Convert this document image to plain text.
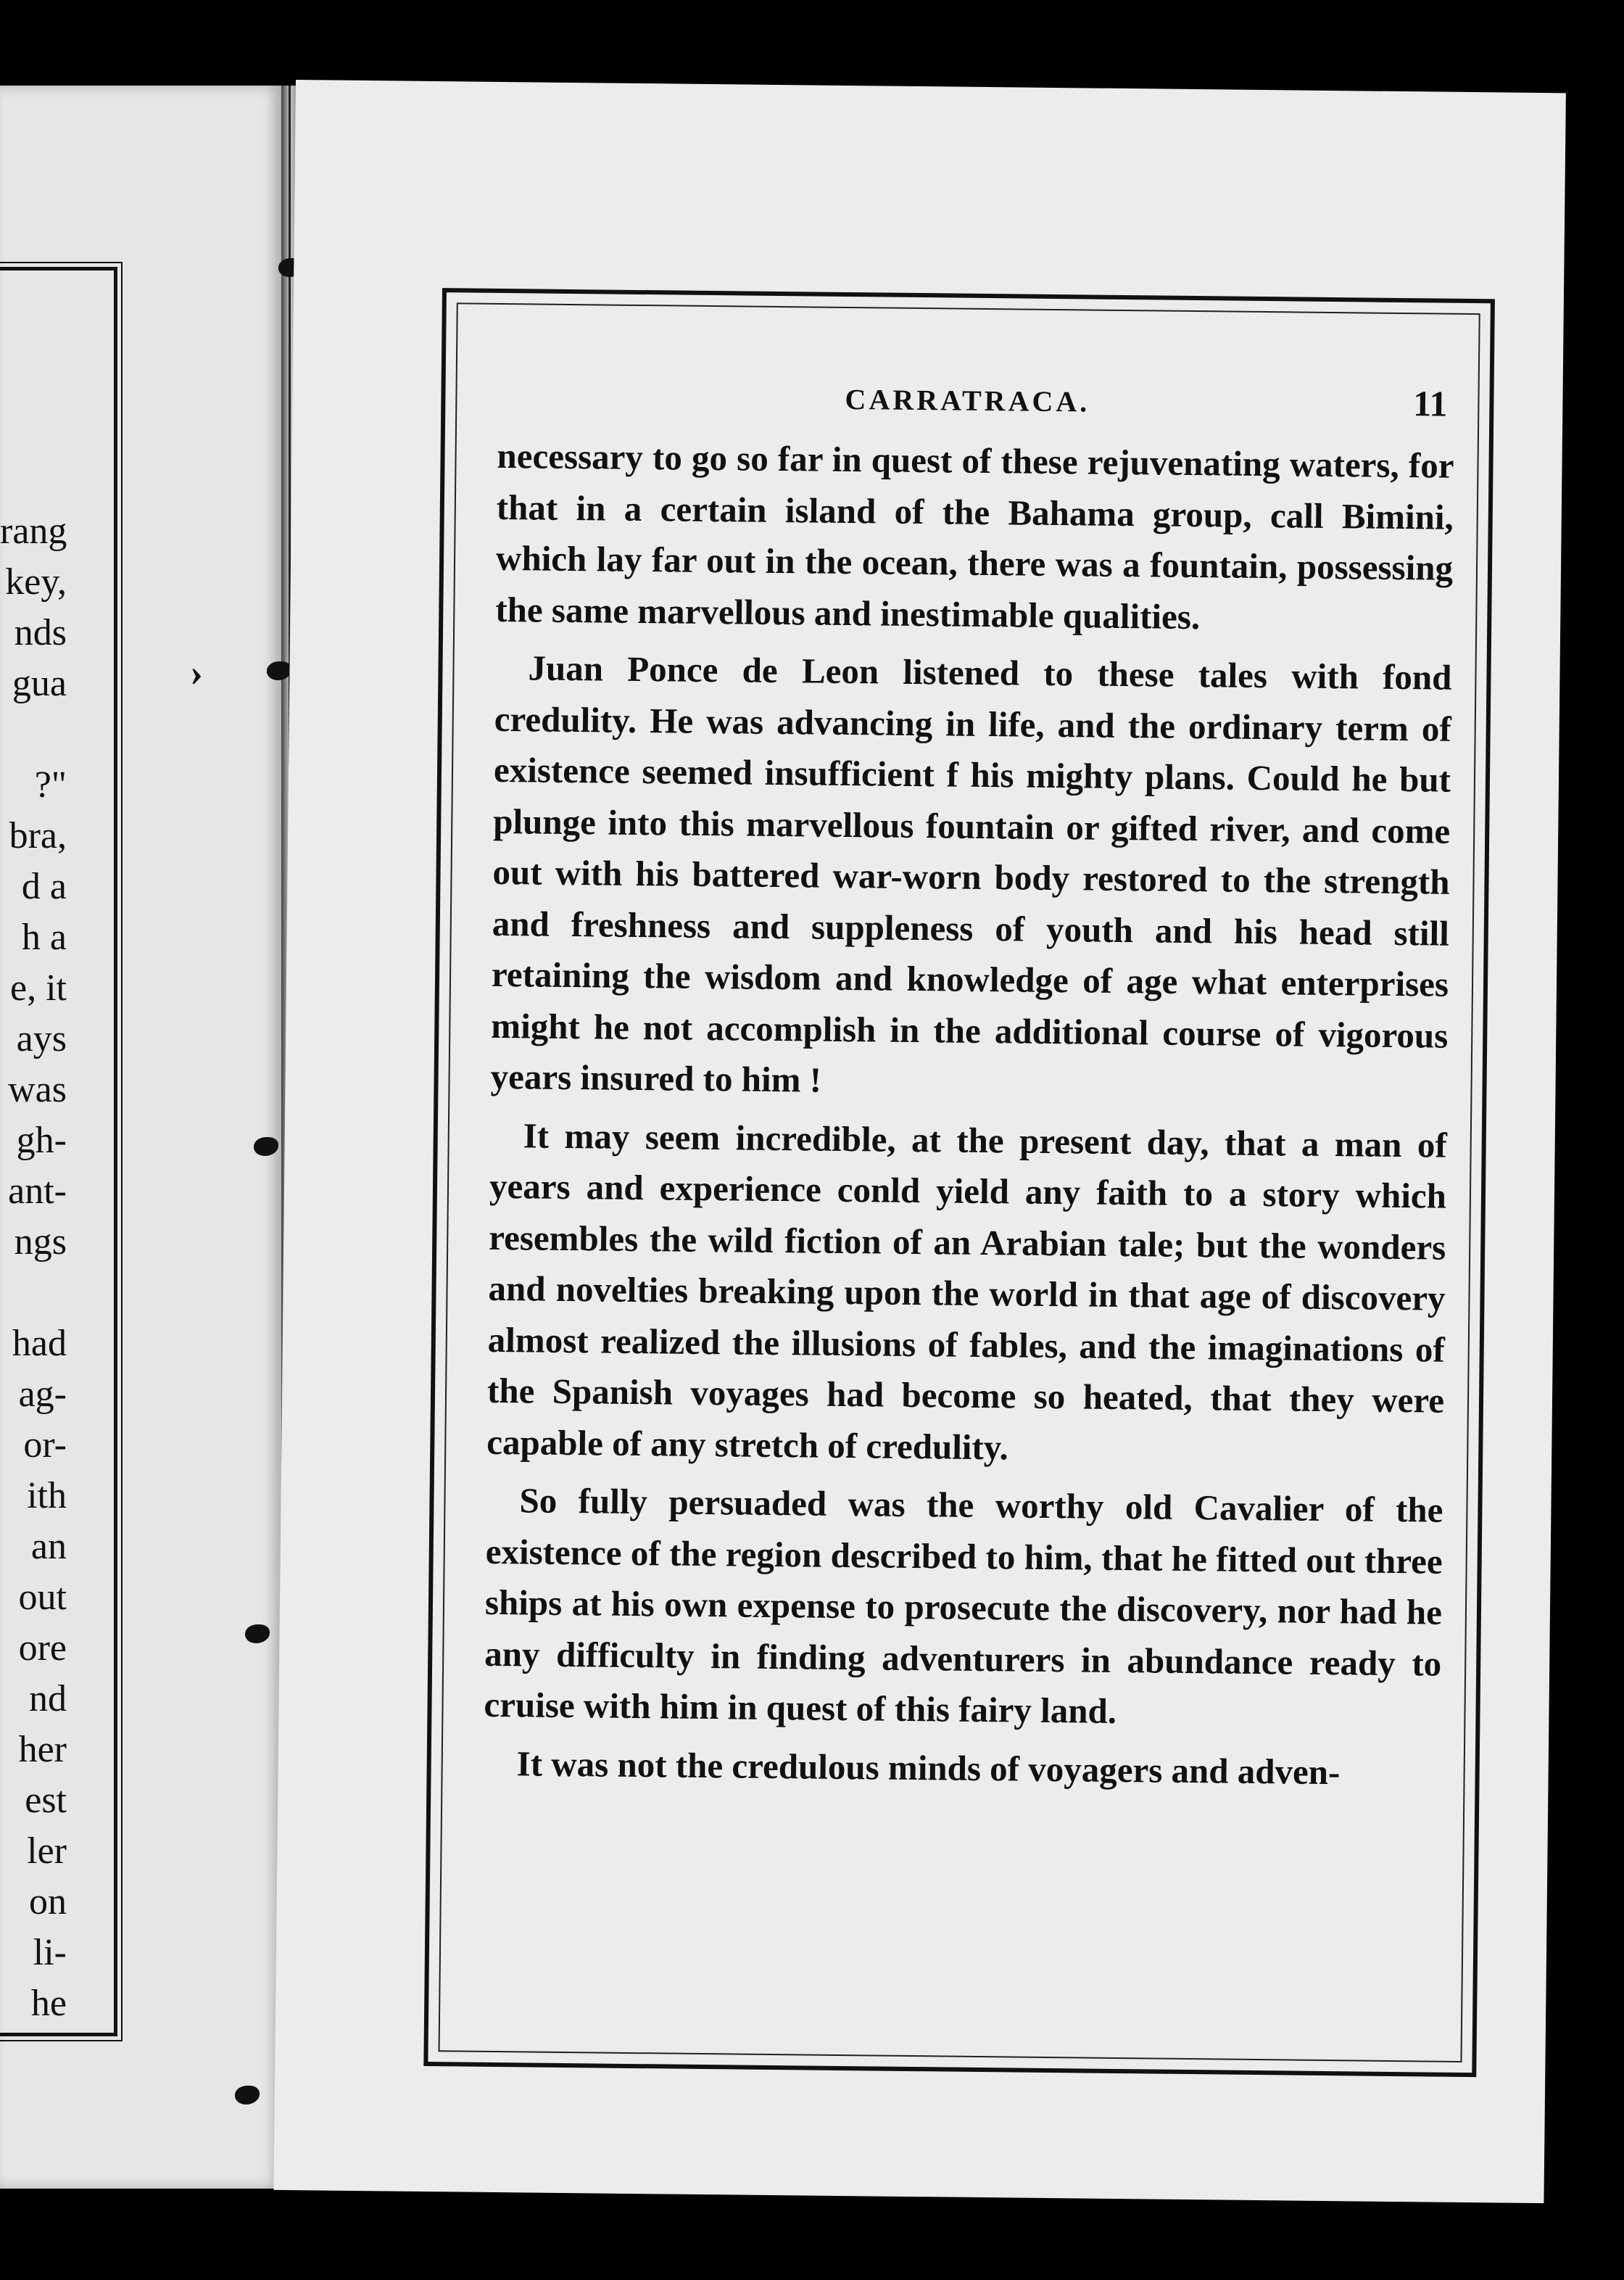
rang
key,
nds
gua
?"
bra,
d a
h a
e, it
ays
was
gh-
ant-
ngs
had
ag-
or-
ith
an
out
ore
nd
her
est
ler
on
li-
he
›
CARRATRACA.	11

necessary to go so far in quest of these rejuvenating waters, for that in a certain island of the Bahama group, call Bimini, which lay far out in the ocean, there was a fountain, possessing the same marvellous and inestimable qualities.

Juan Ponce de Leon listened to these tales with fond credulity. He was advancing in life, and the ordinary term of existence seemed insufficient f his mighty plans. Could he but plunge into this marvellous fountain or gifted river, and come out with his battered war-worn body restored to the strength and freshness and suppleness of youth and his head still retaining the wisdom and knowledge of age what enterprises might he not accomplish in the additional course of vigorous years insured to him !

It may seem incredible, at the present day, that a man of years and experience conld yield any faith to a story which resembles the wild fiction of an Arabian tale; but the wonders and novelties breaking upon the world in that age of discovery almost realized the illusions of fables, and the imaginations of the Spanish voyages had become so heated, that they were capable of any stretch of credulity.

So fully persuaded was the worthy old Cavalier of the existence of the region described to him, that he fitted out three ships at his own expense to prosecute the discovery, nor had he any difficulty in finding adventurers in abundance ready to cruise with him in quest of this fairy land.

It was not the credulous minds of voyagers and adven-
